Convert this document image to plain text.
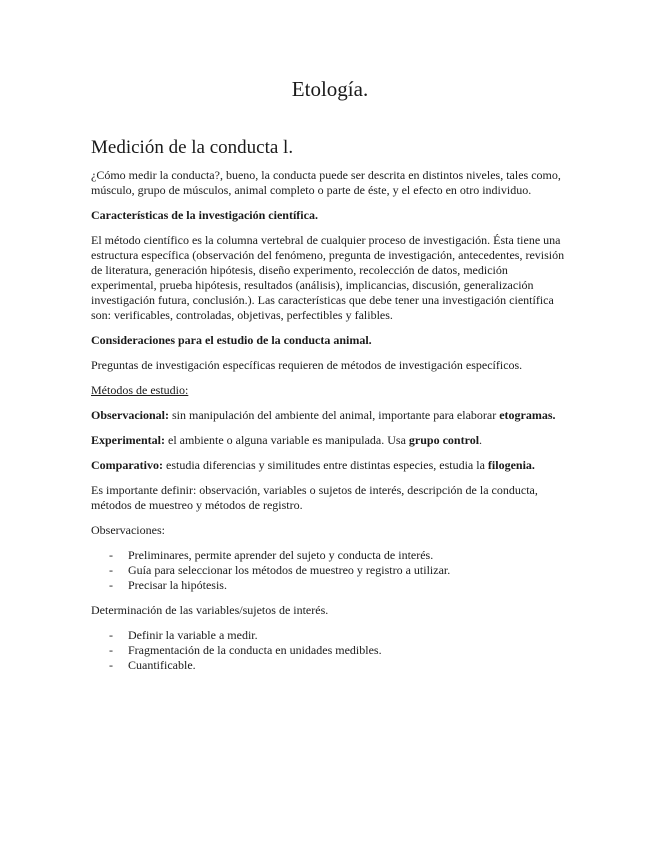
Etología.
Medición de la conducta l.

¿Cómo medir la conducta?, bueno, la conducta puede ser descrita en distintos niveles, tales como, músculo, grupo de músculos, animal completo o parte de éste, y el efecto en otro individuo.

Características de la investigación científica.

El método científico es la columna vertebral de cualquier proceso de investigación. Ésta tiene una estructura específica (observación del fenómeno, pregunta de investigación, antecedentes, revisión de literatura, generación hipótesis, diseño experimento, recolección de datos, medición experimental, prueba hipótesis, resultados (análisis), implicancias, discusión, generalización investigación futura, conclusión.). Las características que debe tener una investigación científica son: verificables, controladas, objetivas, perfectibles y falibles.

Consideraciones para el estudio de la conducta animal.

Preguntas de investigación específicas requieren de métodos de investigación específicos.

Métodos de estudio:

Observacional: sin manipulación del ambiente del animal, importante para elaborar etogramas.

Experimental: el ambiente o alguna variable es manipulada. Usa grupo control.

Comparativo: estudia diferencias y similitudes entre distintas especies, estudia la filogenia.

Es importante definir: observación, variables o sujetos de interés, descripción de la conducta, métodos de muestreo y métodos de registro.

Observaciones:

- Preliminares, permite aprender del sujeto y conducta de interés.
- Guía para seleccionar los métodos de muestreo y registro a utilizar.
- Precisar la hipótesis.

Determinación de las variables/sujetos de interés.

- Definir la variable a medir.
- Fragmentación de la conducta en unidades medibles.
- Cuantificable.
